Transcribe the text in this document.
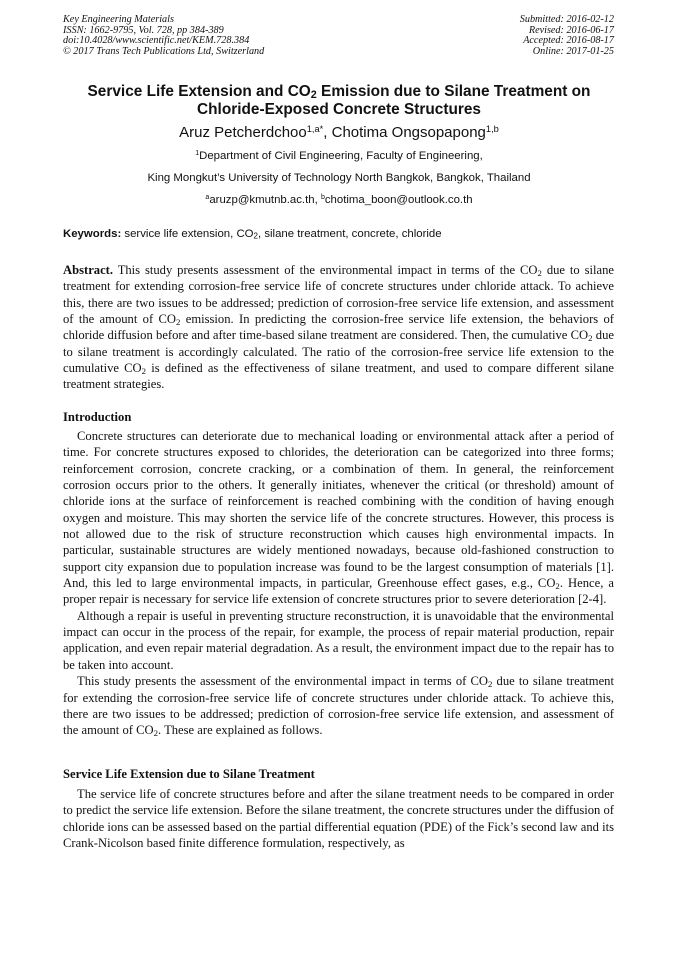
Key Engineering Materials
ISSN: 1662-9795, Vol. 728, pp 384-389
doi:10.4028/www.scientific.net/KEM.728.384
© 2017 Trans Tech Publications Ltd, Switzerland
Submitted: 2016-02-12
Revised: 2016-06-17
Accepted: 2016-08-17
Online: 2017-01-25
Service Life Extension and $CO_2$ Emission due to Silane Treatment on
Chloride-Exposed Concrete Structures
Aruz Petcherdchoo$^{1,a*}$, Chotima Ongsopapong$^{1,b}$
$^1$Department of Civil Engineering, Faculty of Engineering,
King Mongkut’s University of Technology North Bangkok, Bangkok, Thailand
$^a$aruzp@kmutnb.ac.th, $^b$chotima_boon@outlook.co.th
Keywords: service life extension, $CO_2$, silane treatment, concrete, chloride

Abstract. This study presents assessment of the environmental impact in terms of the $CO_2$ due to silane treatment for extending corrosion-free service life of concrete structures under chloride attack. To achieve this, there are two issues to be addressed; prediction of corrosion-free service life extension, and assessment of the amount of $CO_2$ emission. In predicting the corrosion-free service life extension, the behaviors of chloride diffusion before and after time-based silane treatment are considered. Then, the cumulative $CO_2$ due to silane treatment is accordingly calculated. The ratio of the corrosion-free service life extension to the cumulative $CO_2$ is defined as the effectiveness of silane treatment, and used to compare different silane treatment strategies.

Introduction

Concrete structures can deteriorate due to mechanical loading or environmental attack after a period of time. For concrete structures exposed to chlorides, the deterioration can be categorized into three forms; reinforcement corrosion, concrete cracking, or a combination of them. In general, the reinforcement corrosion occurs prior to the others. It generally initiates, whenever the critical (or threshold) amount of chloride ions at the surface of reinforcement is reached combining with the condition of having enough oxygen and moisture. This may shorten the service life of the concrete structures. However, this process is not allowed due to the risk of structure reconstruction which causes high environmental impacts. In particular, sustainable structures are widely mentioned nowadays, because old-fashioned construction to support city expansion due to population increase was found to be the largest consumption of materials [1]. And, this led to large environmental impacts, in particular, Greenhouse effect gases, e.g., $CO_2$. Hence, a proper repair is necessary for service life extension of concrete structures prior to severe deterioration [2-4].

Although a repair is useful in preventing structure reconstruction, it is unavoidable that the environmental impact can occur in the process of the repair, for example, the process of repair material production, repair application, and even repair material degradation. As a result, the environment impact due to the repair has to be taken into account.

This study presents the assessment of the environmental impact in terms of $CO_2$ due to silane treatment for extending the corrosion-free service life of concrete structures under chloride attack. To achieve this, there are two issues to be addressed; prediction of corrosion-free service life extension, and assessment of the amount of $CO_2$. These are explained as follows.

Service Life Extension due to Silane Treatment

The service life of concrete structures before and after the silane treatment needs to be compared in order to predict the service life extension. Before the silane treatment, the concrete structures under the diffusion of chloride ions can be assessed based on the partial differential equation (PDE) of the Fick’s second law and its Crank-Nicolson based finite difference formulation, respectively, as
